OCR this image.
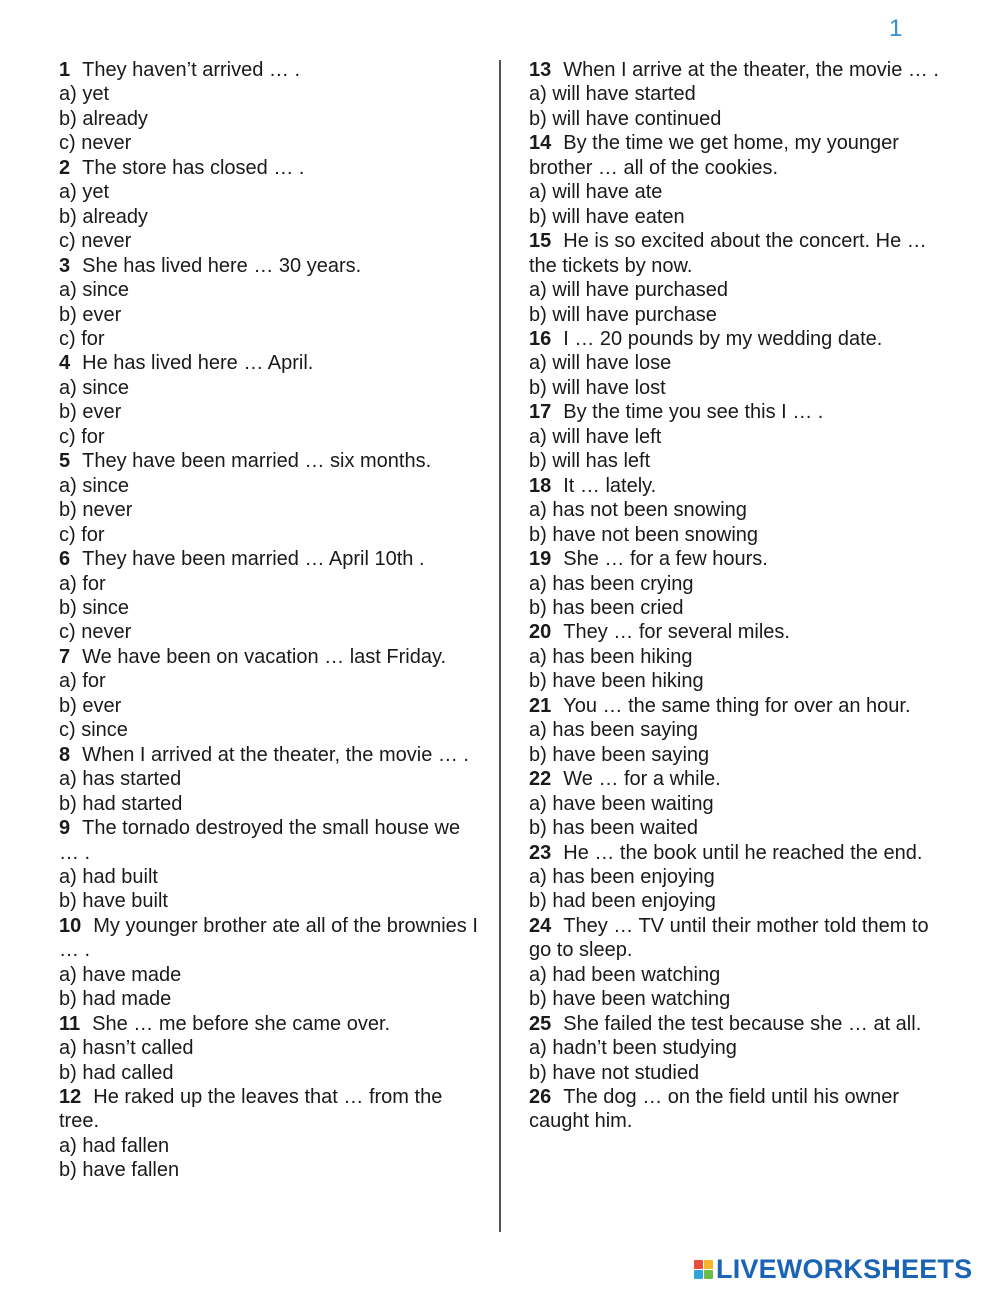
1

1 They haven’t arrived … .

a) yet

b) already

c) never

2 The store has closed … .

a) yet

b) already

c) never

3 She has lived here … 30 years.

a) since

b) ever

c) for

4 He has lived here … April.

a) since

b) ever

c) for

5 They have been married … six months.

a) since

b) never

c) for

6 They have been married … April 10th .

a) for

b) since

c) never

7 We have been on vacation … last Friday.

a) for

b) ever

c) since

8 When I arrived at the theater, the movie … .

a) has started

b) had started

9 The tornado destroyed the small house we … .

a) had built

b) have built

10 My younger brother ate all of the brownies I … .

a) have made

b) had made

11 She … me before she came over.

a) hasn’t called

b) had called

12 He raked up the leaves that … from the tree.

a) had fallen

b) have fallen

13 When I arrive at the theater, the movie … .

a) will have started

b) will have continued

14 By the time we get home, my younger brother … all of the cookies.

a) will have ate

b) will have eaten

15 He is so excited about the concert. He … the tickets by now.

a) will have purchased

b) will have purchase

16 I … 20 pounds by my wedding date.

a) will have lose

b) will have lost

17 By the time you see this I … .

a) will have left

b) will has left

18 It … lately.

a) has not been snowing

b) have not been snowing

19 She … for a few hours.

a) has been crying

b) has been cried

20 They … for several miles.

a) has been hiking

b) have been hiking

21 You … the same thing for over an hour.

a) has been saying

b) have been saying

22 We … for a while.

a) have been waiting

b) has been waited

23 He … the book until he reached the end.

a) has been enjoying

b) had been enjoying

24 They … TV until their mother told them to go to sleep.

a) had been watching

b) have been watching

25 She failed the test because she … at all.

a) hadn’t been studying

b) have not studied

26 The dog … on the field until his owner caught him.

LIVEWORKSHEETS
